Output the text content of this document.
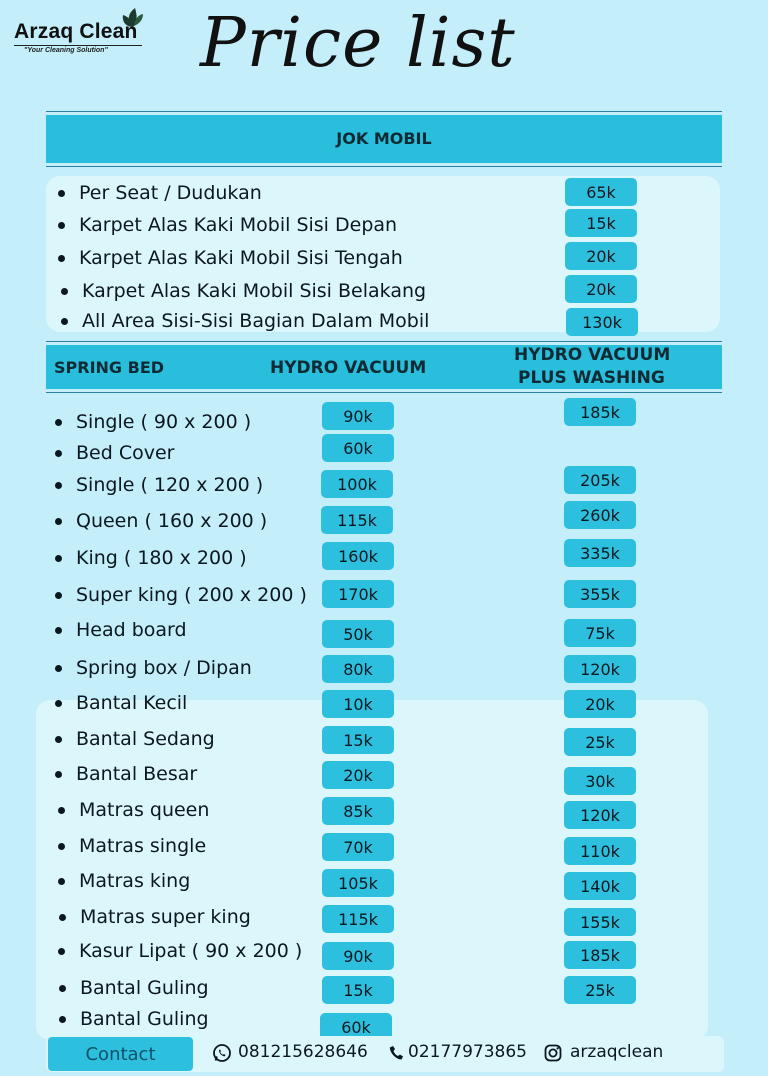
Arzaq Clean
"Your Cleaning Solution" Price list
JOK MOBIL
Per Seat / Dudukan	65k
Karpet Alas Kaki Mobil Sisi Depan	15k
Karpet Alas Kaki Mobil Sisi Tengah	20k
Karpet Alas Kaki Mobil Sisi Belakang	20k
All Area Sisi-Sisi Bagian Dalam Mobil	130k
SPRING BED	HYDRO VACUUM
HYDRO VACUUM
PLUS WASHING
Single ( 90 x 200 )	90k	185k
Bed Cover	60k
Single ( 120 x 200 )	100k	205k
Queen ( 160 x 200 )	115k	260k
King ( 180 x 200 )	160k	335k
Super king ( 200 x 200 )	170k	355k
Head board	50k	75k
Spring box / Dipan	80k	120k
Bantal Kecil	10k	20k
Bantal Sedang	15k	25k
Bantal Besar	20k	30k
Matras queen	85k	120k
Matras single	70k	110k
Matras king	105k	140k
Matras super king	115k	155k
Kasur Lipat ( 90 x 200 )	90k	185k
Bantal Guling	15k	25k
Bantal Guling	60k
Contact	081215628646 02177973865	arzaqclean
